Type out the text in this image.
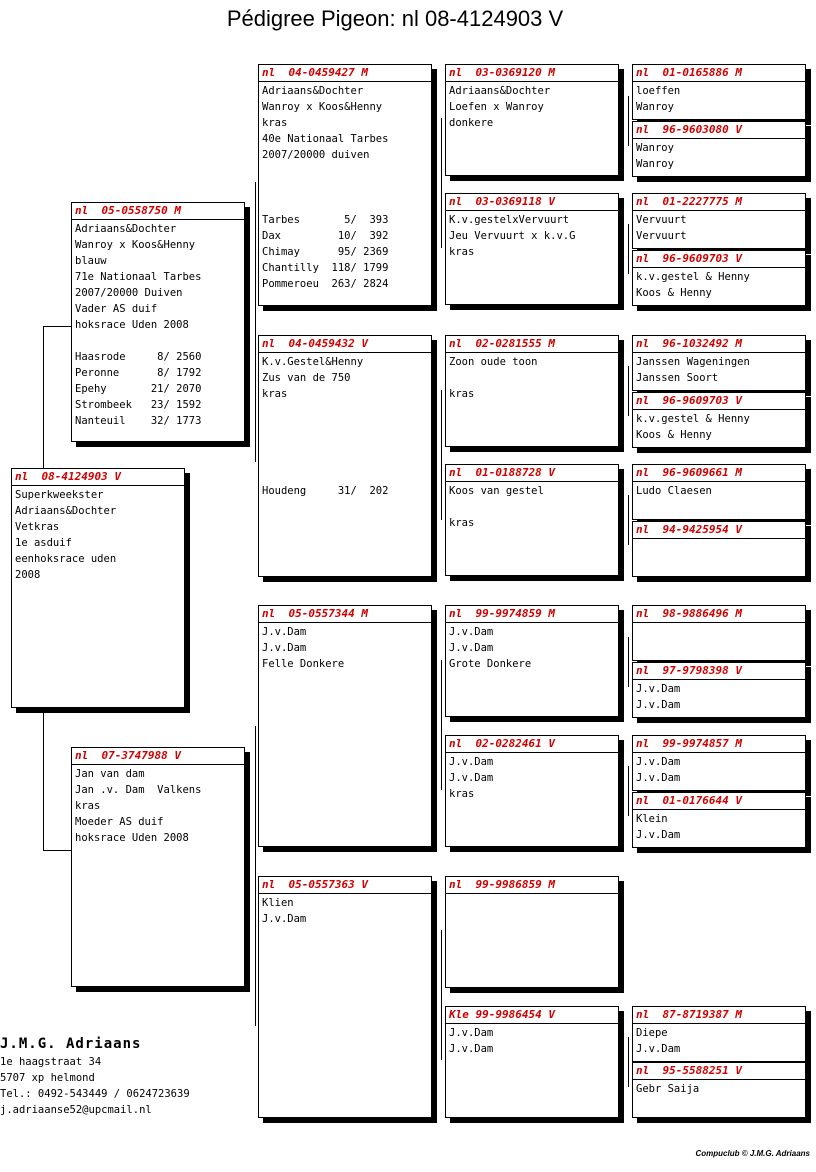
Pédigree Pigeon: nl 08-4124903 V
nl  08-4124903 V
Superkweekster
Adriaans&Dochter
Vetkras
1e asduif
eenhoksrace uden
2008
nl  05-0558750 M
Adriaans&Dochter
Wanroy x Koos&Henny
blauw
71e Nationaal Tarbes
2007/20000 Duiven
Vader AS duif
hoksrace Uden 2008

Haasrode     8/ 2560
Peronne      8/ 1792
Epehy       21/ 2070
Strombeek   23/ 1592
Nanteuil    32/ 1773
nl  07-3747988 V
Jan van dam
Jan .v. Dam  Valkens
kras
Moeder AS duif
hoksrace Uden 2008
nl  04-0459427 M
Adriaans&Dochter
Wanroy x Koos&Henny
kras
40e Nationaal Tarbes
2007/20000 duiven
Tarbes       5/  393
Dax         10/  392
Chimay      95/ 2369
Chantilly  118/ 1799
Pommeroeu  263/ 2824
nl  04-0459432 V
K.v.Gestel&Henny
Zus van de 750
kras
Houdeng     31/  202
nl  05-0557344 M
J.v.Dam
J.v.Dam
Felle Donkere
nl  05-0557363 V
Klien
J.v.Dam
nl  03-0369120 M
Adriaans&Dochter
Loefen x Wanroy
donkere
nl  03-0369118 V
K.v.gestelxVervuurt
Jeu Vervuurt x k.v.G
kras
nl  02-0281555 M
Zoon oude toon

kras
nl  01-0188728 V
Koos van gestel

kras
nl  99-9974859 M
J.v.Dam
J.v.Dam
Grote Donkere
nl  02-0282461 V
J.v.Dam
J.v.Dam
kras
nl  99-9986859 M
Kle 99-9986454 V
J.v.Dam
J.v.Dam
nl  01-0165886 M
loeffen
Wanroy
nl  96-9603080 V
Wanroy
Wanroy
nl  01-2227775 M
Vervuurt
Vervuurt
nl  96-9609703 V
k.v.gestel & Henny
Koos & Henny
nl  96-1032492 M
Janssen Wageningen
Janssen Soort
nl  96-9609703 V
k.v.gestel & Henny
Koos & Henny
nl  96-9609661 M
Ludo Claesen
nl  94-9425954 V
nl  98-9886496 M
nl  97-9798398 V
J.v.Dam
J.v.Dam
nl  99-9974857 M
J.v.Dam
J.v.Dam
nl  01-0176644 V
Klein
J.v.Dam
nl  87-8719387 M
Diepe
J.v.Dam
nl  95-5588251 V
Gebr Saija
J.M.G. Adriaans
1e haagstraat 34
5707 xp helmond
Tel.: 0492-543449 / 0624723639
j.adriaanse52@upcmail.nl
Compuclub © J.M.G. Adriaans
